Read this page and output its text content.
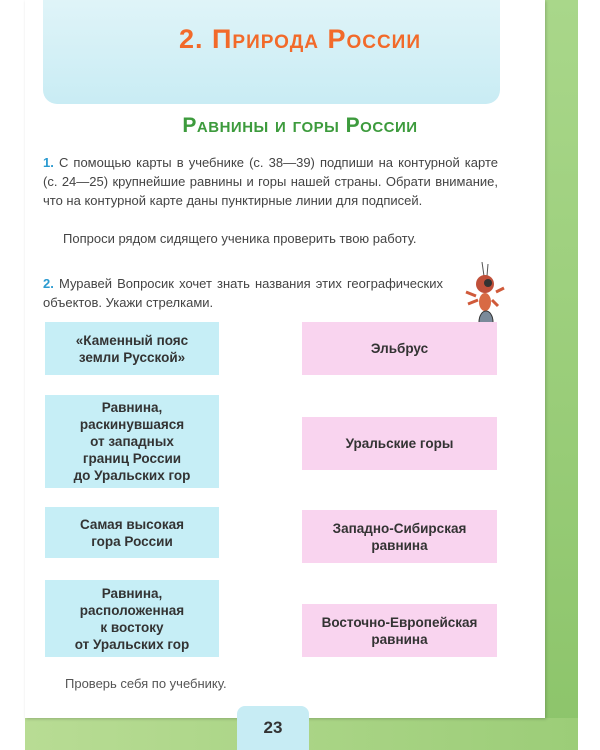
2. Природа России
Равнины и горы России
1. С помощью карты в учебнике (с. 38—39) подпиши на контурной карте (с. 24—25) крупнейшие равнины и горы нашей страны. Обрати внимание, что на контурной карте даны пунктирные линии для подписей.
Попроси рядом сидящего ученика проверить твою работу.
2. Муравей Вопросик хочет знать названия этих географических объектов. Укажи стрелками.
«Каменный пояс
земли Русской»
Равнина,
раскинувшаяся
от западных
границ России
до Уральских гор
Самая высокая
гора России
Равнина,
расположенная
к востоку
от Уральских гор
Эльбрус
Уральские горы
Западно-Сибирская
равнина
Восточно-Европейская
равнина
Проверь себя по учебнику.
23
